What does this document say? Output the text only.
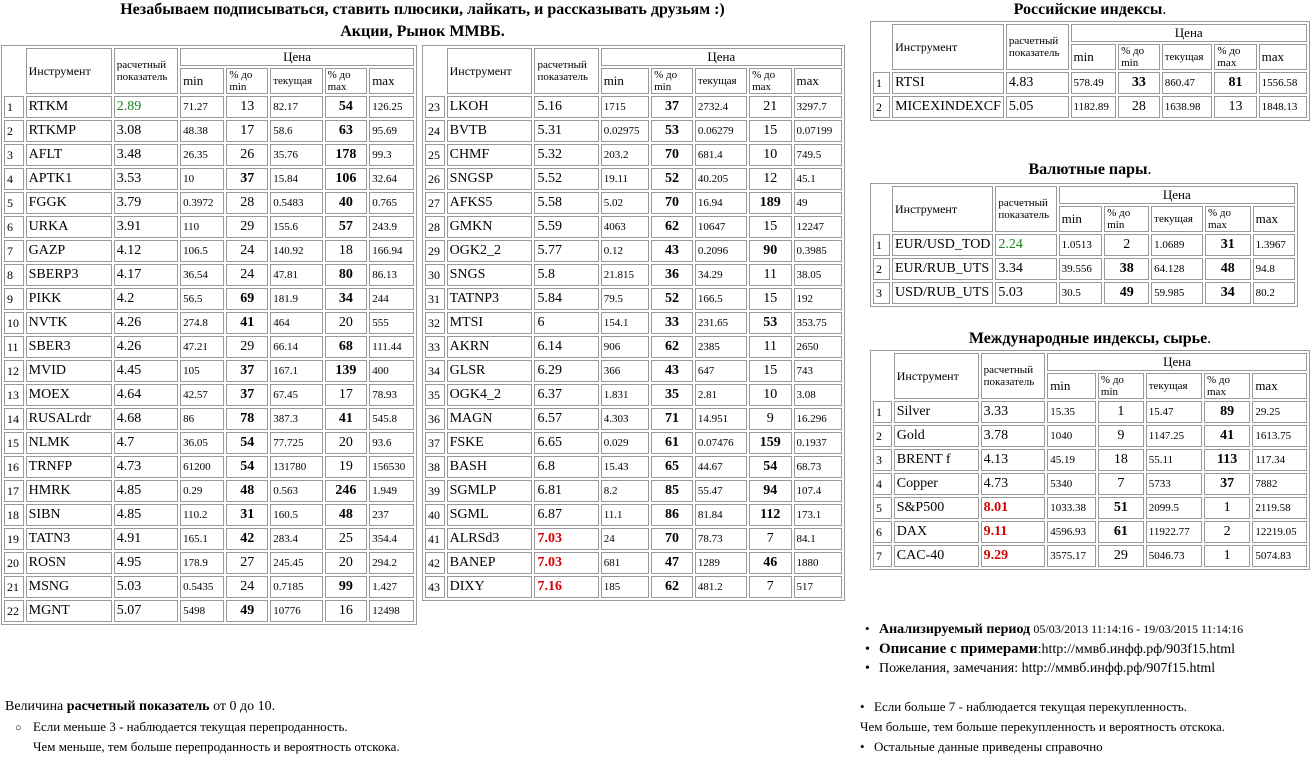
Незабываем подписываться, ставить плюсики, лайкать, и рассказывать друзьям :)
Акции, Рынок ММВБ.
	Инструмент	расчетный показатель	Цена				
			min	% до min	текущая	% до max	max
1	RTKM	2.89	71.27	13	82.17	54	126.25
2	RTKMP	3.08	48.38	17	58.6	63	95.69
3	AFLT	3.48	26.35	26	35.76	178	99.3
4	APTK1	3.53	10	37	15.84	106	32.64
5	FGGK	3.79	0.3972	28	0.5483	40	0.765
6	URKA	3.91	110	29	155.6	57	243.9
7	GAZP	4.12	106.5	24	140.92	18	166.94
8	SBERP3	4.17	36.54	24	47.81	80	86.13
9	PIKK	4.2	56.5	69	181.9	34	244
10	NVTK	4.26	274.8	41	464	20	555
11	SBER3	4.26	47.21	29	66.14	68	111.44
12	MVID	4.45	105	37	167.1	139	400
13	MOEX	4.64	42.57	37	67.45	17	78.93
14	RUSALrdr	4.68	86	78	387.3	41	545.8
15	NLMK	4.7	36.05	54	77.725	20	93.6
16	TRNFP	4.73	61200	54	131780	19	156530
17	HMRK	4.85	0.29	48	0.563	246	1.949
18	SIBN	4.85	110.2	31	160.5	48	237
19	TATN3	4.91	165.1	42	283.4	25	354.4
20	ROSN	4.95	178.9	27	245.45	20	294.2
21	MSNG	5.03	0.5435	24	0.7185	99	1.427
22	MGNT	5.07	5498	49	10776	16	12498
	Инструмент	расчетный показатель	Цена				
			min	% до min	текущая	% до max	max
23	LKOH	5.16	1715	37	2732.4	21	3297.7
24	BVTB	5.31	0.02975	53	0.06279	15	0.07199
25	CHMF	5.32	203.2	70	681.4	10	749.5
26	SNGSP	5.52	19.11	52	40.205	12	45.1
27	AFKS5	5.58	5.02	70	16.94	189	49
28	GMKN	5.59	4063	62	10647	15	12247
29	OGK2_2	5.77	0.12	43	0.2096	90	0.3985
30	SNGS	5.8	21.815	36	34.29	11	38.05
31	TATNP3	5.84	79.5	52	166.5	15	192
32	MTSI	6	154.1	33	231.65	53	353.75
33	AKRN	6.14	906	62	2385	11	2650
34	GLSR	6.29	366	43	647	15	743
35	OGK4_2	6.37	1.831	35	2.81	10	3.08
36	MAGN	6.57	4.303	71	14.951	9	16.296
37	FSKE	6.65	0.029	61	0.07476	159	0.1937
38	BASH	6.8	15.43	65	44.67	54	68.73
39	SGMLP	6.81	8.2	85	55.47	94	107.4
40	SGML	6.87	11.1	86	81.84	112	173.1
41	ALRSd3	7.03	24	70	78.73	7	84.1
42	BANEP	7.03	681	47	1289	46	1880
43	DIXY	7.16	185	62	481.2	7	517
Российские индексы.
	Инструмент	расчетный показатель	Цена				
			min	% до min	текущая	% до max	max
1	RTSI	4.83	578.49	33	860.47	81	1556.58
2	MICEXINDEXCF	5.05	1182.89	28	1638.98	13	1848.13
Валютные пары.
	Инструмент	расчетный показатель	Цена				
			min	% до min	текущая	% до max	max
1	EUR/USD_TOD	2.24	1.0513	2	1.0689	31	1.3967
2	EUR/RUB_UTS	3.34	39.556	38	64.128	48	94.8
3	USD/RUB_UTS	5.03	30.5	49	59.985	34	80.2
Международные индексы, сырье.
	Инструмент	расчетный показатель	Цена				
			min	% до min	текущая	% до max	max
1	Silver	3.33	15.35	1	15.47	89	29.25
2	Gold	3.78	1040	9	1147.25	41	1613.75
3	BRENT f	4.13	45.19	18	55.11	113	117.34
4	Copper	4.73	5340	7	5733	37	7882
5	S&P500	8.01	1033.38	51	2099.5	1	2119.58
6	DAX	9.11	4596.93	61	11922.77	2	12219.05
7	CAC-40	9.29	3575.17	29	5046.73	1	5074.83
• Анализируемый период 05/03/2013 11:14:16 - 19/03/2015 11:14:16
• Описание с примерами:http://ммвб.инфф.рф/903f15.html
• Пожелания, замечания: http://ммвб.инфф.рф/907f15.html
Величина расчетный показатель от 0 до 10.
○ Если меньше 3 - наблюдается текущая перепроданность.
Чем меньше, тем больше перепроданность и вероятность отскока.
• Если больше 7 - наблюдается текущая перекупленность.
Чем больше, тем больше перекупленность и вероятность отскока.
• Остальные данные приведены справочно
